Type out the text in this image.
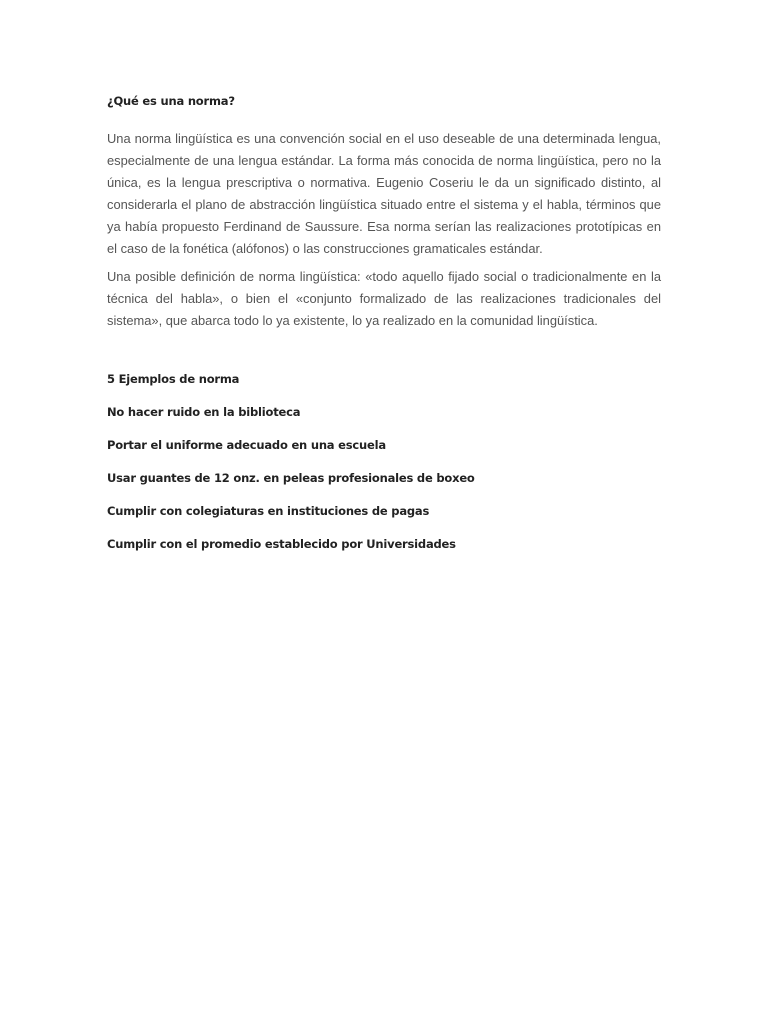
¿Qué es una norma?

Una norma lingüística es una convención social en el uso deseable de una determinada lengua, especialmente de una lengua estándar. La forma más conocida de norma lingüística, pero no la única, es la lengua prescriptiva o normativa. Eugenio Coseriu le da un significado distinto, al considerarla el plano de abstracción lingüística situado entre el sistema y el habla, términos que ya había propuesto Ferdinand de Saussure. Esa norma serían las realizaciones prototípicas en el caso de la fonética (alófonos) o las construcciones gramaticales estándar.

Una posible definición de norma lingüística: «todo aquello fijado social o tradicionalmente en la técnica del habla», o bien el «conjunto formalizado de las realizaciones tradicionales del sistema», que abarca todo lo ya existente, lo ya realizado en la comunidad lingüística.

5 Ejemplos de norma

No hacer ruido en la biblioteca
Portar el uniforme adecuado en una escuela
Usar guantes de 12 onz. en peleas profesionales de boxeo
Cumplir con colegiaturas en instituciones de pagas
Cumplir con el promedio establecido por Universidades
